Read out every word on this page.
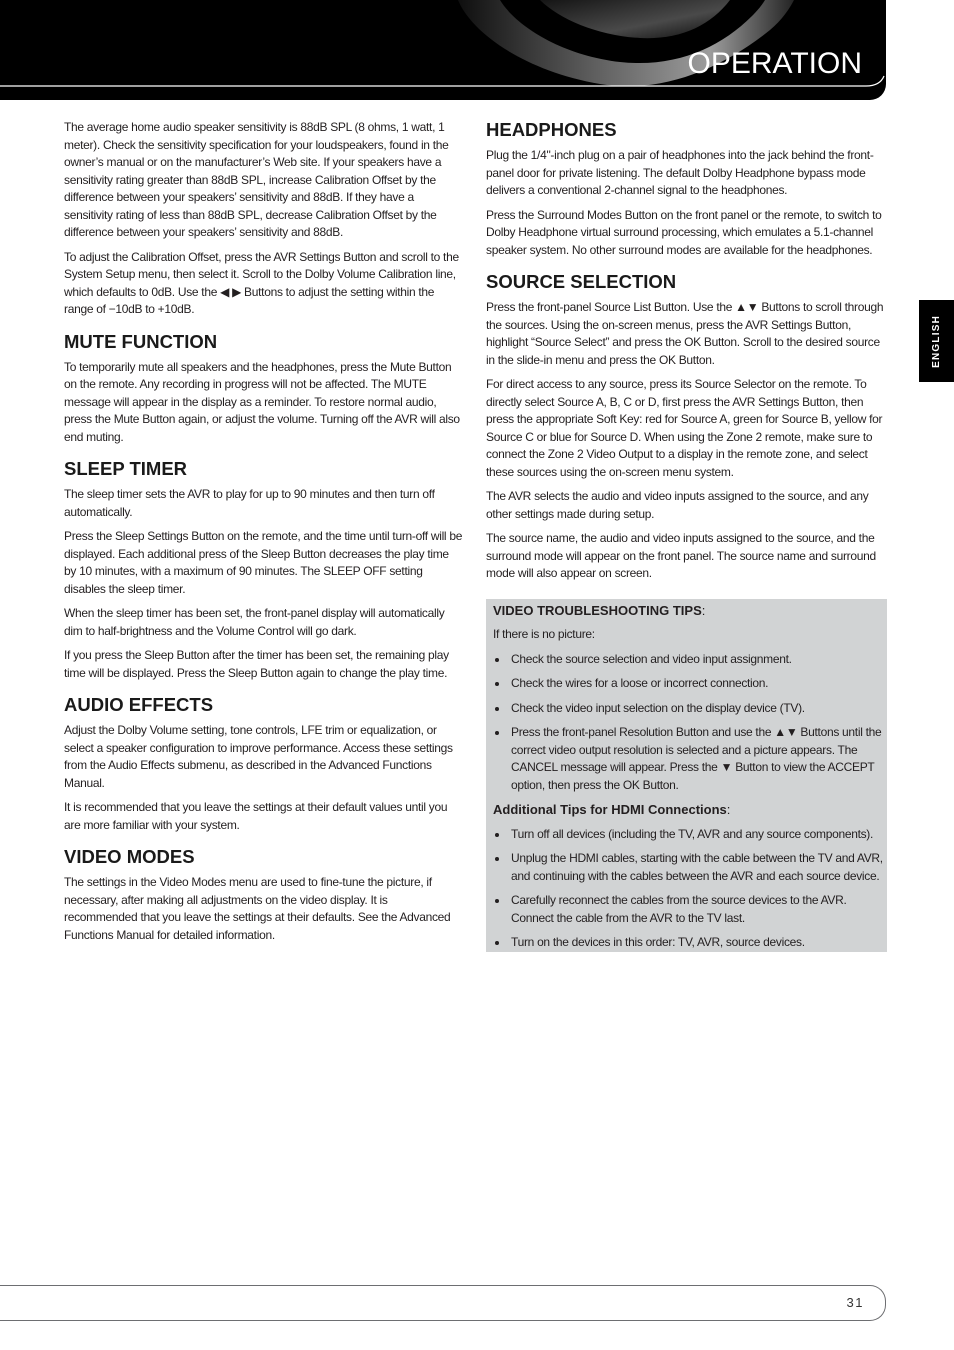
OPERATION
ENGLISH

The average home audio speaker sensitivity is 88dB SPL (8 ohms, 1 watt, 1 meter). Check the sensitivity specification for your loudspeakers, found in the owner’s manual or on the manufacturer’s Web site. If your speakers have a sensitivity rating greater than 88dB SPL, increase Calibration Offset by the difference between your speakers’ sensitivity and 88dB. If they have a sensitivity rating of less than 88dB SPL, decrease Calibration Offset by the difference between your speakers’ sensitivity and 88dB.

To adjust the Calibration Offset, press the AVR Settings Button and scroll to the System Setup menu, then select it. Scroll to the Dolby Volume Calibration line, which defaults to 0dB. Use the ◀ ▶ Buttons to adjust the setting within the range of −10dB to +10dB.

MUTE FUNCTION

To temporarily mute all speakers and the headphones, press the Mute Button on the remote. Any recording in progress will not be affected. The MUTE message will appear in the display as a reminder. To restore normal audio, press the Mute Button again, or adjust the volume. Turning off the AVR will also end muting.

SLEEP TIMER

The sleep timer sets the AVR to play for up to 90 minutes and then turn off automatically.

Press the Sleep Settings Button on the remote, and the time until turn-off will be displayed. Each additional press of the Sleep Button decreases the play time by 10 minutes, with a maximum of 90 minutes. The SLEEP OFF setting disables the sleep timer.

When the sleep timer has been set, the front-panel display will automatically dim to half-brightness and the Volume Control will go dark.

If you press the Sleep Button after the timer has been set, the remaining play time will be displayed. Press the Sleep Button again to change the play time.

AUDIO EFFECTS

Adjust the Dolby Volume setting, tone controls, LFE trim or equalization, or select a speaker configuration to improve performance. Access these settings from the Audio Effects submenu, as described in the Advanced Functions Manual.

It is recommended that you leave the settings at their default values until you are more familiar with your system.

VIDEO MODES

The settings in the Video Modes menu are used to fine-tune the picture, if necessary, after making all adjustments on the video display. It is recommended that you leave the settings at their defaults. See the Advanced Functions Manual for detailed information.

HEADPHONES

Plug the 1/4"-inch plug on a pair of headphones into the jack behind the front-panel door for private listening. The default Dolby Headphone bypass mode delivers a conventional 2-channel signal to the headphones.

Press the Surround Modes Button on the front panel or the remote, to switch to Dolby Headphone virtual surround processing, which emulates a 5.1-channel speaker system. No other surround modes are available for the headphones.

SOURCE SELECTION

Press the front-panel Source List Button. Use the ▲▼ Buttons to scroll through the sources. Using the on-screen menus, press the AVR Settings Button, highlight “Source Select” and press the OK Button. Scroll to the desired source in the slide-in menu and press the OK Button.

For direct access to any source, press its Source Selector on the remote. To directly select Source A, B, C or D, first press the AVR Settings Button, then press the appropriate Soft Key: red for Source A, green for Source B, yellow for Source C or blue for Source D. When using the Zone 2 remote, make sure to connect the Zone 2 Video Output to a display in the remote zone, and select these sources using the on-screen menu system.

The AVR selects the audio and video inputs assigned to the source, and any other settings made during setup.

The source name, the audio and video inputs assigned to the source, and the surround mode will appear on the front panel. The source name and surround mode will also appear on screen.

VIDEO TROUBLESHOOTING TIPS:
If there is no picture:
Check the source selection and video input assignment.
Check the wires for a loose or incorrect connection.
Check the video input selection on the display device (TV).
Press the front-panel Resolution Button and use the ▲▼ Buttons until the correct video output resolution is selected and a picture appears. The CANCEL message will appear. Press the ▼ Button to view the ACCEPT option, then press the OK Button.
Additional Tips for HDMI Connections:
Turn off all devices (including the TV, AVR and any source components).
Unplug the HDMI cables, starting with the cable between the TV and AVR, and continuing with the cables between the AVR and each source device.
Carefully reconnect the cables from the source devices to the AVR. Connect the cable from the AVR to the TV last.
Turn on the devices in this order: TV, AVR, source devices.
31
